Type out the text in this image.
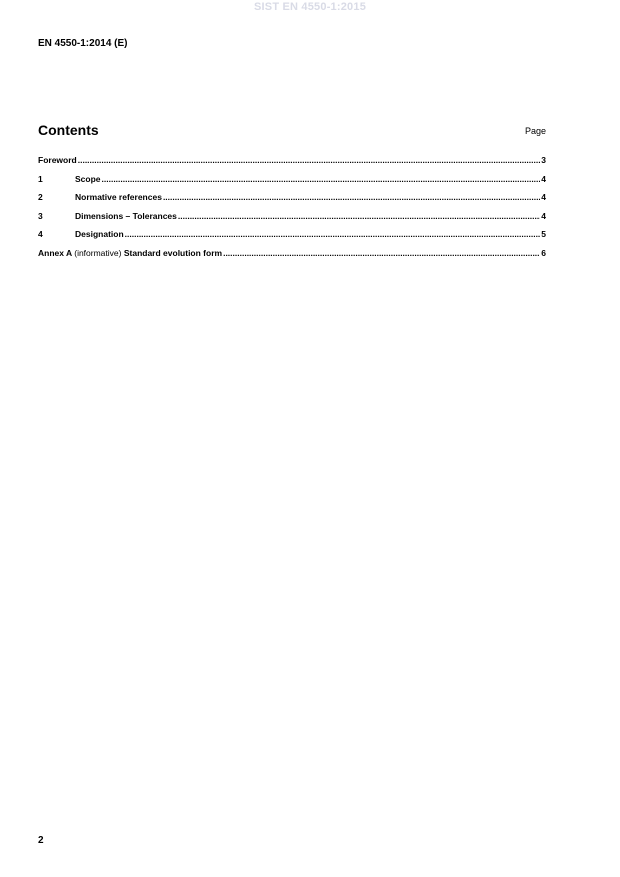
SIST EN 4550-1:2015
EN 4550-1:2014 (E)
Contents	Page
Foreword .....	3
1	Scope .....	4
2	Normative references .....	4
3	Dimensions – Tolerances .....	4
4	Designation .....	5
Annex A (informative) Standard evolution form .....	6
2
